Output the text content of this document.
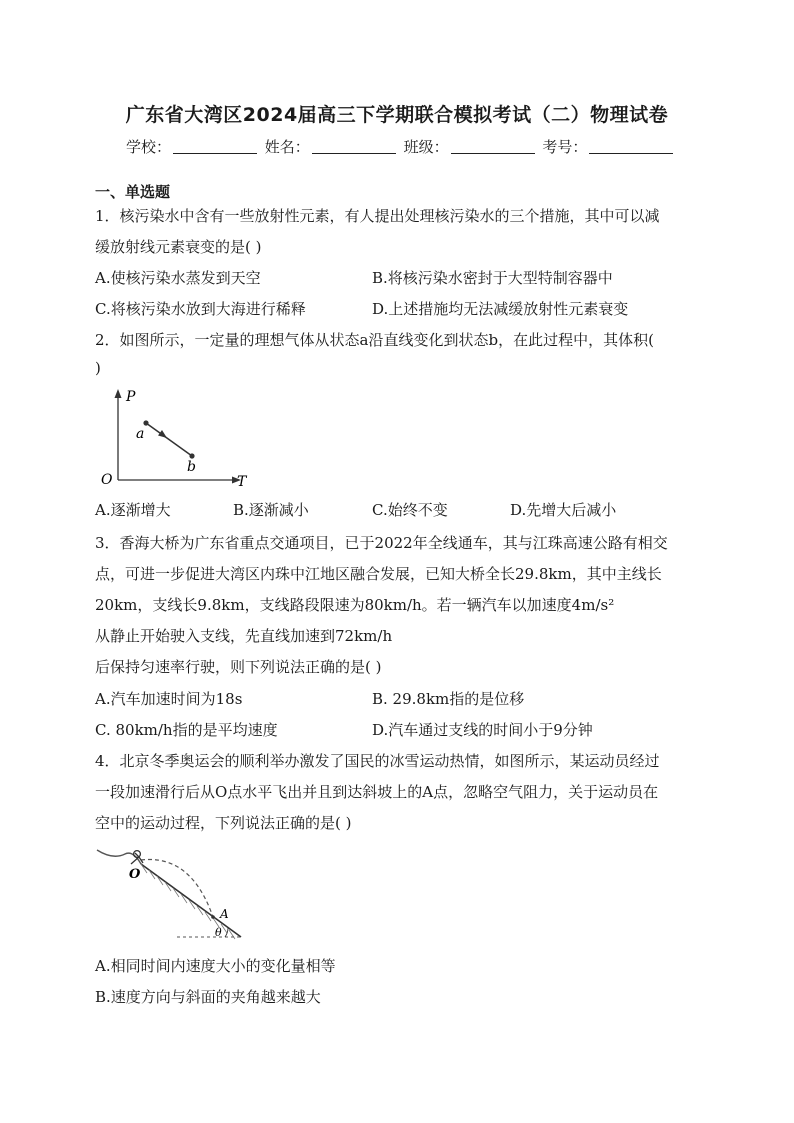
广东省大湾区2024届高三下学期联合模拟考试（二）物理试卷
学校：	姓名：	班级：	考号：
一、单选题
1．核污染水中含有一些放射性元素，有人提出处理核污染水的三个措施，其中可以减
缓放射线元素衰变的是( )
A.使核污染水蒸发到天空	B.将核污染水密封于大型特制容器中
C.将核污染水放到大海进行稀释	D.上述措施均无法减缓放射性元素衰变
2．如图所示，一定量的理想气体从状态a沿直线变化到状态b，在此过程中，其体积(
)
P
O	T
a
b
A.逐渐增大	B.逐渐减小	C.始终不变	D.先增大后减小
3．香海大桥为广东省重点交通项目，已于2022年全线通车，其与江珠高速公路有相交
点，可进一步促进大湾区内珠中江地区融合发展，已知大桥全长29.8km，其中主线长
20km，支线长9.8km，支线路段限速为80km/h。若一辆汽车以加速度4m/s²
从静止开始驶入支线，先直线加速到72km/h
后保持匀速率行驶，则下列说法正确的是( )
A.汽车加速时间为18s	B. 29.8km指的是位移
C. 80km/h指的是平均速度	D.汽车通过支线的时间小于9分钟
4．北京冬季奥运会的顺利举办激发了国民的冰雪运动热情，如图所示，某运动员经过
一段加速滑行后从O点水平飞出并且到达斜坡上的A点，忽略空气阻力，关于运动员在
空中的运动过程，下列说法正确的是( )
O
A
θ
A.相同时间内速度大小的变化量相等
B.速度方向与斜面的夹角越来越大
